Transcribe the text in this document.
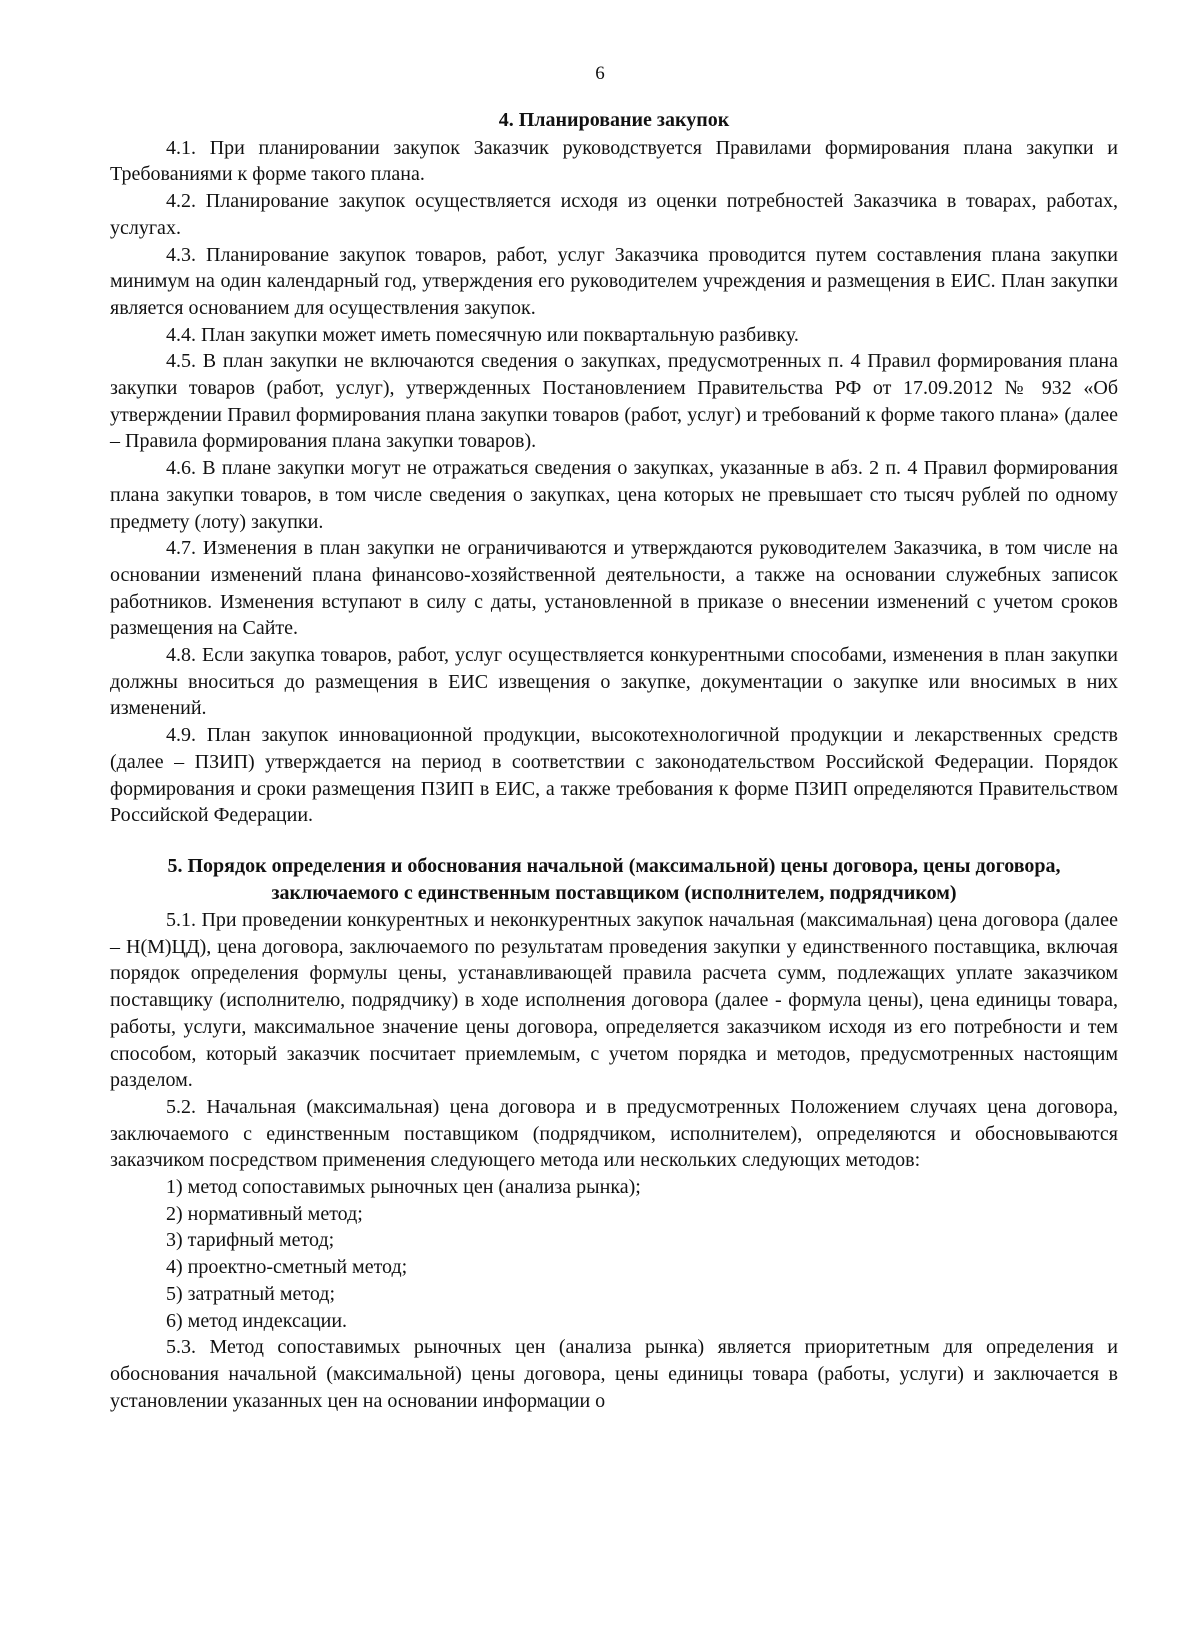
6

4. Планирование закупок

4.1. При планировании закупок Заказчик руководствуется Правилами формирования плана закупки и Требованиями к форме такого плана.

4.2. Планирование закупок осуществляется исходя из оценки потребностей Заказчика в товарах, работах, услугах.

4.3. Планирование закупок товаров, работ, услуг Заказчика проводится путем составления плана закупки минимум на один календарный год, утверждения его руководителем учреждения и размещения в ЕИС. План закупки является основанием для осуществления закупок.

4.4. План закупки может иметь помесячную или поквартальную разбивку.

4.5. В план закупки не включаются сведения о закупках, предусмотренных п. 4 Правил формирования плана закупки товаров (работ, услуг), утвержденных Постановлением Правительства РФ от 17.09.2012 № 932 «Об утверждении Правил формирования плана закупки товаров (работ, услуг) и требований к форме такого плана» (далее – Правила формирования плана закупки товаров).

4.6. В плане закупки могут не отражаться сведения о закупках, указанные в абз. 2 п. 4 Правил формирования плана закупки товаров, в том числе сведения о закупках, цена которых не превышает сто тысяч рублей по одному предмету (лоту) закупки.

4.7. Изменения в план закупки не ограничиваются и утверждаются руководителем Заказчика, в том числе на основании изменений плана финансово-хозяйственной деятельности, а также на основании служебных записок работников. Изменения вступают в силу с даты, установленной в приказе о внесении изменений с учетом сроков размещения на Сайте.

4.8. Если закупка товаров, работ, услуг осуществляется конкурентными способами, изменения в план закупки должны вноситься до размещения в ЕИС извещения о закупке, документации о закупке или вносимых в них изменений.

4.9. План закупок инновационной продукции, высокотехнологичной продукции и лекарственных средств (далее – ПЗИП) утверждается на период в соответствии с законодательством Российской Федерации. Порядок формирования и сроки размещения ПЗИП в ЕИС, а также требования к форме ПЗИП определяются Правительством Российской Федерации.

5. Порядок определения и обоснования начальной (максимальной) цены договора, цены договора, заключаемого с единственным поставщиком (исполнителем, подрядчиком)

5.1. При проведении конкурентных и неконкурентных закупок начальная (максимальная) цена договора (далее – Н(М)ЦД), цена договора, заключаемого по результатам проведения закупки у единственного поставщика, включая порядок определения формулы цены, устанавливающей правила расчета сумм, подлежащих уплате заказчиком поставщику (исполнителю, подрядчику) в ходе исполнения договора (далее - формула цены), цена единицы товара, работы, услуги, максимальное значение цены договора, определяется заказчиком исходя из его потребности и тем способом, который заказчик посчитает приемлемым, с учетом порядка и методов, предусмотренных настоящим разделом.

5.2. Начальная (максимальная) цена договора и в предусмотренных Положением случаях цена договора, заключаемого с единственным поставщиком (подрядчиком, исполнителем), определяются и обосновываются заказчиком посредством применения следующего метода или нескольких следующих методов:

1) метод сопоставимых рыночных цен (анализа рынка);

2) нормативный метод;

3) тарифный метод;

4) проектно-сметный метод;

5) затратный метод;

6) метод индексации.

5.3. Метод сопоставимых рыночных цен (анализа рынка) является приоритетным для определения и обоснования начальной (максимальной) цены договора, цены единицы товара (работы, услуги) и заключается в установлении указанных цен на основании информации о
